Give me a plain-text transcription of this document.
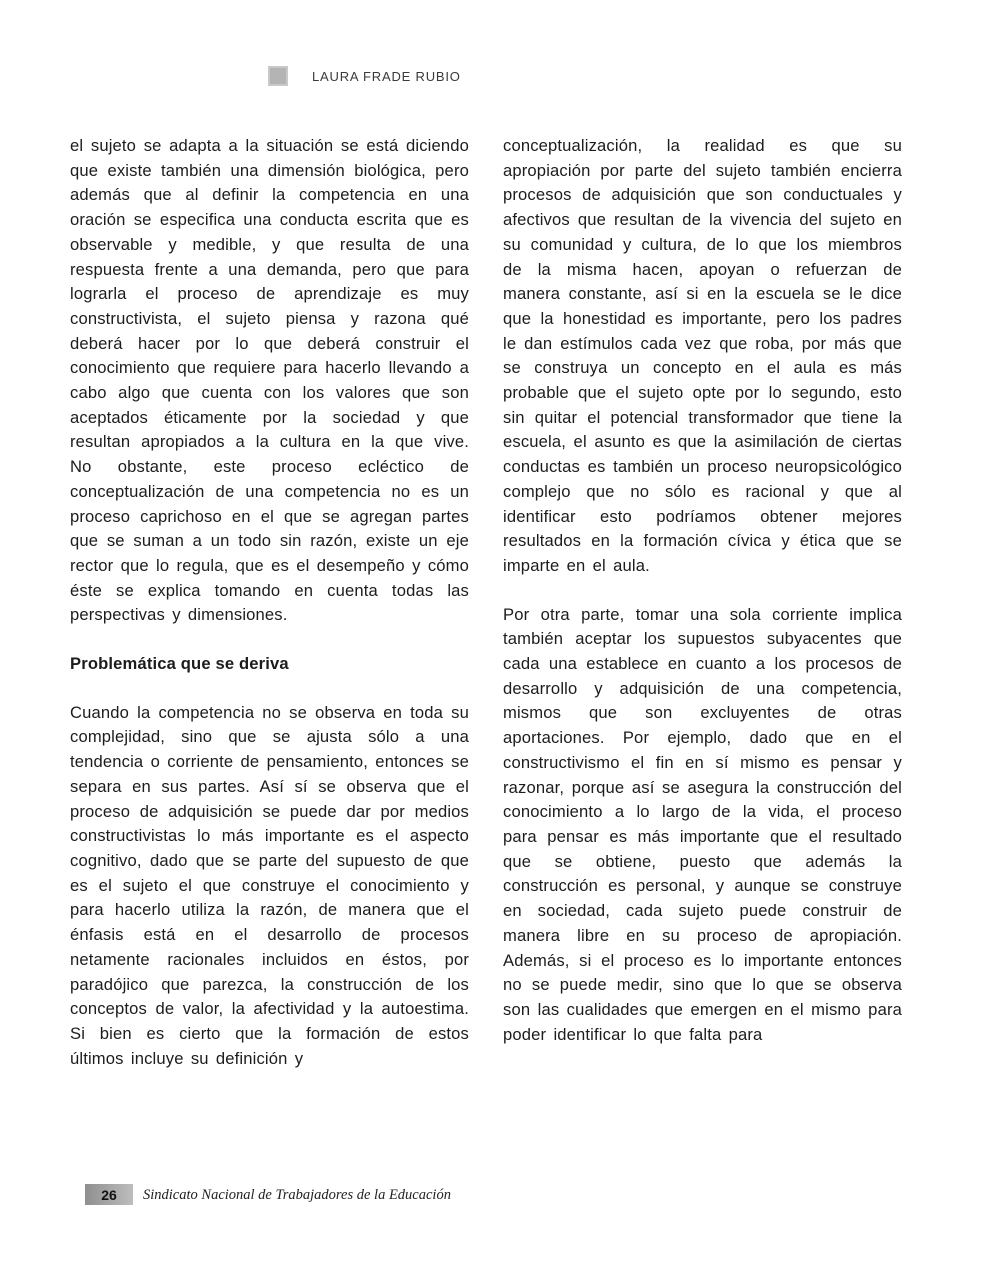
LAURA FRADE RUBIO

el sujeto se adapta a la situación se está diciendo que existe también una dimensión biológica, pero además que al definir la competencia en una oración se especifica una conducta escrita que es observable y medible, y que resulta de una respuesta frente a una demanda, pero que para lograrla el proceso de aprendizaje es muy constructivista, el sujeto piensa y razona qué deberá hacer por lo que deberá construir el conocimiento que requiere para hacerlo llevando a cabo algo que cuenta con los valores que son aceptados éticamente por la sociedad y que resultan apropiados a la cultura en la que vive. No obstante, este proceso ecléctico de conceptualización de una competencia no es un proceso caprichoso en el que se agregan partes que se suman a un todo sin razón, existe un eje rector que lo regula, que es el desempeño y cómo éste se explica tomando en cuenta todas las perspectivas y dimensiones.

Problemática que se deriva

Cuando la competencia no se observa en toda su complejidad, sino que se ajusta sólo a una tendencia o corriente de pensamiento, entonces se separa en sus partes. Así sí se observa que el proceso de adquisición se puede dar por medios constructivistas lo más importante es el aspecto cognitivo, dado que se parte del supuesto de que es el sujeto el que construye el conocimiento y para hacerlo utiliza la razón, de manera que el énfasis está en el desarrollo de procesos netamente racionales incluidos en éstos, por paradójico que parezca, la construcción de los conceptos de valor, la afectividad y la autoestima. Si bien es cierto que la formación de estos últimos incluye su definición y

conceptualización, la realidad es que su apropiación por parte del sujeto también encierra procesos de adquisición que son conductuales y afectivos que resultan de la vivencia del sujeto en su comunidad y cultura, de lo que los miembros de la misma hacen, apoyan o refuerzan de manera constante, así si en la escuela se le dice que la honestidad es importante, pero los padres le dan estímulos cada vez que roba, por más que se construya un concepto en el aula es más probable que el sujeto opte por lo segundo, esto sin quitar el potencial transformador que tiene la escuela, el asunto es que la asimilación de ciertas conductas es también un proceso neuropsicológico complejo que no sólo es racional y que al identificar esto podríamos obtener mejores resultados en la formación cívica y ética que se imparte en el aula.

Por otra parte, tomar una sola corriente implica también aceptar los supuestos subyacentes que cada una establece en cuanto a los procesos de desarrollo y adquisición de una competencia, mismos que son excluyentes de otras aportaciones. Por ejemplo, dado que en el constructivismo el fin en sí mismo es pensar y razonar, porque así se asegura la construcción del conocimiento a lo largo de la vida, el proceso para pensar es más importante que el resultado que se obtiene, puesto que además la construcción es personal, y aunque se construye en sociedad, cada sujeto puede construir de manera libre en su proceso de apropiación. Además, si el proceso es lo importante entonces no se puede medir, sino que lo que se observa son las cualidades que emergen en el mismo para poder identificar lo que falta para

26	Sindicato Nacional de Trabajadores de la Educación
